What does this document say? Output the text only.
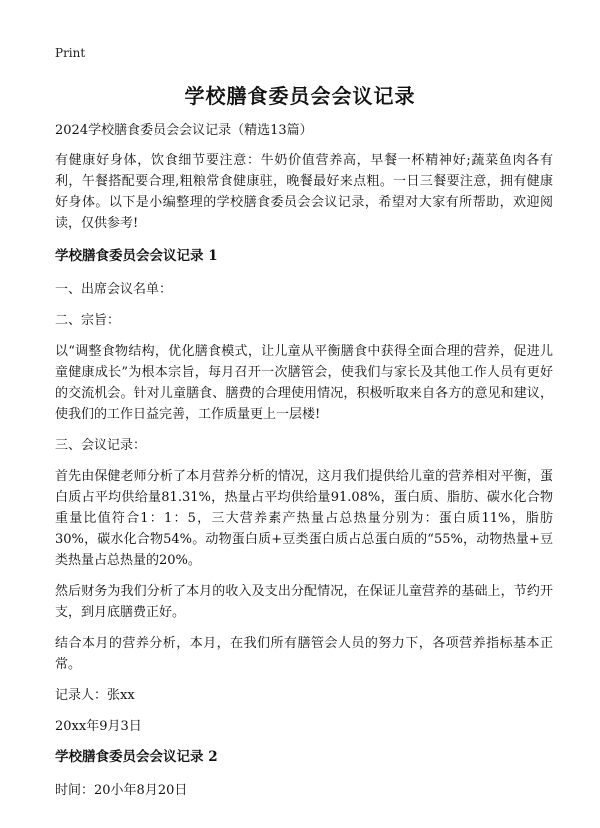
Print
学校膳食委员会会议记录

2024学校膳食委员会会议记录（精选13篇）

有健康好身体，饮食细节要注意：牛奶价值营养高，早餐一杯精神好;蔬菜鱼肉各有利，午餐搭配要合理,粗粮常食健康驻，晚餐最好来点粗。一日三餐要注意，拥有健康好身体。以下是小编整理的学校膳食委员会会议记录，希望对大家有所帮助，欢迎阅读，仅供参考!

学校膳食委员会会议记录 1

一、出席会议名单：

二、宗旨：

以“调整食物结构，优化膳食模式，让儿童从平衡膳食中获得全面合理的营养，促进儿童健康成长”为根本宗旨，每月召开一次膳管会，使我们与家长及其他工作人员有更好的交流机会。针对儿童膳食、膳费的合理使用情况，积极听取来自各方的意见和建议，使我们的工作日益完善，工作质量更上一层楼!

三、会议记录：

首先由保健老师分析了本月营养分析的情况，这月我们提供给儿童的营养相对平衡，蛋白质占平均供给量81.31%，热量占平均供给量91.08%，蛋白质、脂肪、碳水化合物重量比值符合1：1：5，三大营养素产热量占总热量分别为：蛋白质11%，脂肪30%，碳水化合物54%。动物蛋白质+豆类蛋白质占总蛋白质的“55%，动物热量+豆类热量占总热量的20%。

然后财务为我们分析了本月的收入及支出分配情况，在保证儿童营养的基础上，节约开支，到月底膳费正好。

结合本月的营养分析，本月，在我们所有膳管会人员的努力下，各项营养指标基本正常。

记录人：张xx

20xx年9月3日

学校膳食委员会会议记录 2

时间：20小年8月20日
